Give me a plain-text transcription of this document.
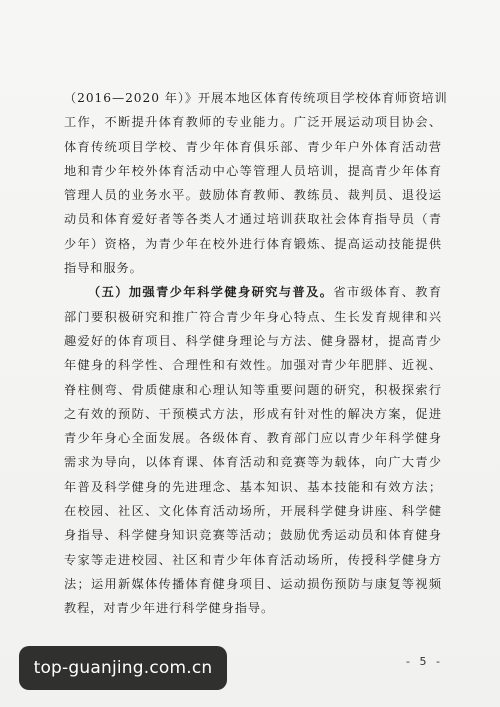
（2016—2020 年）》开展本地区体育传统项目学校体育师资培训
工作，不断提升体育教师的专业能力。广泛开展运动项目协会、
体育传统项目学校、青少年体育俱乐部、青少年户外体育活动营
地和青少年校外体育活动中心等管理人员培训，提高青少年体育
管理人员的业务水平。鼓励体育教师、教练员、裁判员、退役运
动员和体育爱好者等各类人才通过培训获取社会体育指导员（青
少年）资格，为青少年在校外进行体育锻炼、提高运动技能提供
指导和服务。
（五）加强青少年科学健身研究与普及。省市级体育、教育
部门要积极研究和推广符合青少年身心特点、生长发育规律和兴
趣爱好的体育项目、科学健身理论与方法、健身器材，提高青少
年健身的科学性、合理性和有效性。加强对青少年肥胖、近视、
脊柱侧弯、骨质健康和心理认知等重要问题的研究，积极探索行
之有效的预防、干预模式方法，形成有针对性的解决方案，促进
青少年身心全面发展。各级体育、教育部门应以青少年科学健身
需求为导向，以体育课、体育活动和竞赛等为载体，向广大青少
年普及科学健身的先进理念、基本知识、基本技能和有效方法；
在校园、社区、文化体育活动场所，开展科学健身讲座、科学健
身指导、科学健身知识竞赛等活动；鼓励优秀运动员和体育健身
专家等走进校园、社区和青少年体育活动场所，传授科学健身方
法；运用新媒体传播体育健身项目、运动损伤预防与康复等视频
教程，对青少年进行科学健身指导。
- 5 -
top-guanjing.com.cn
